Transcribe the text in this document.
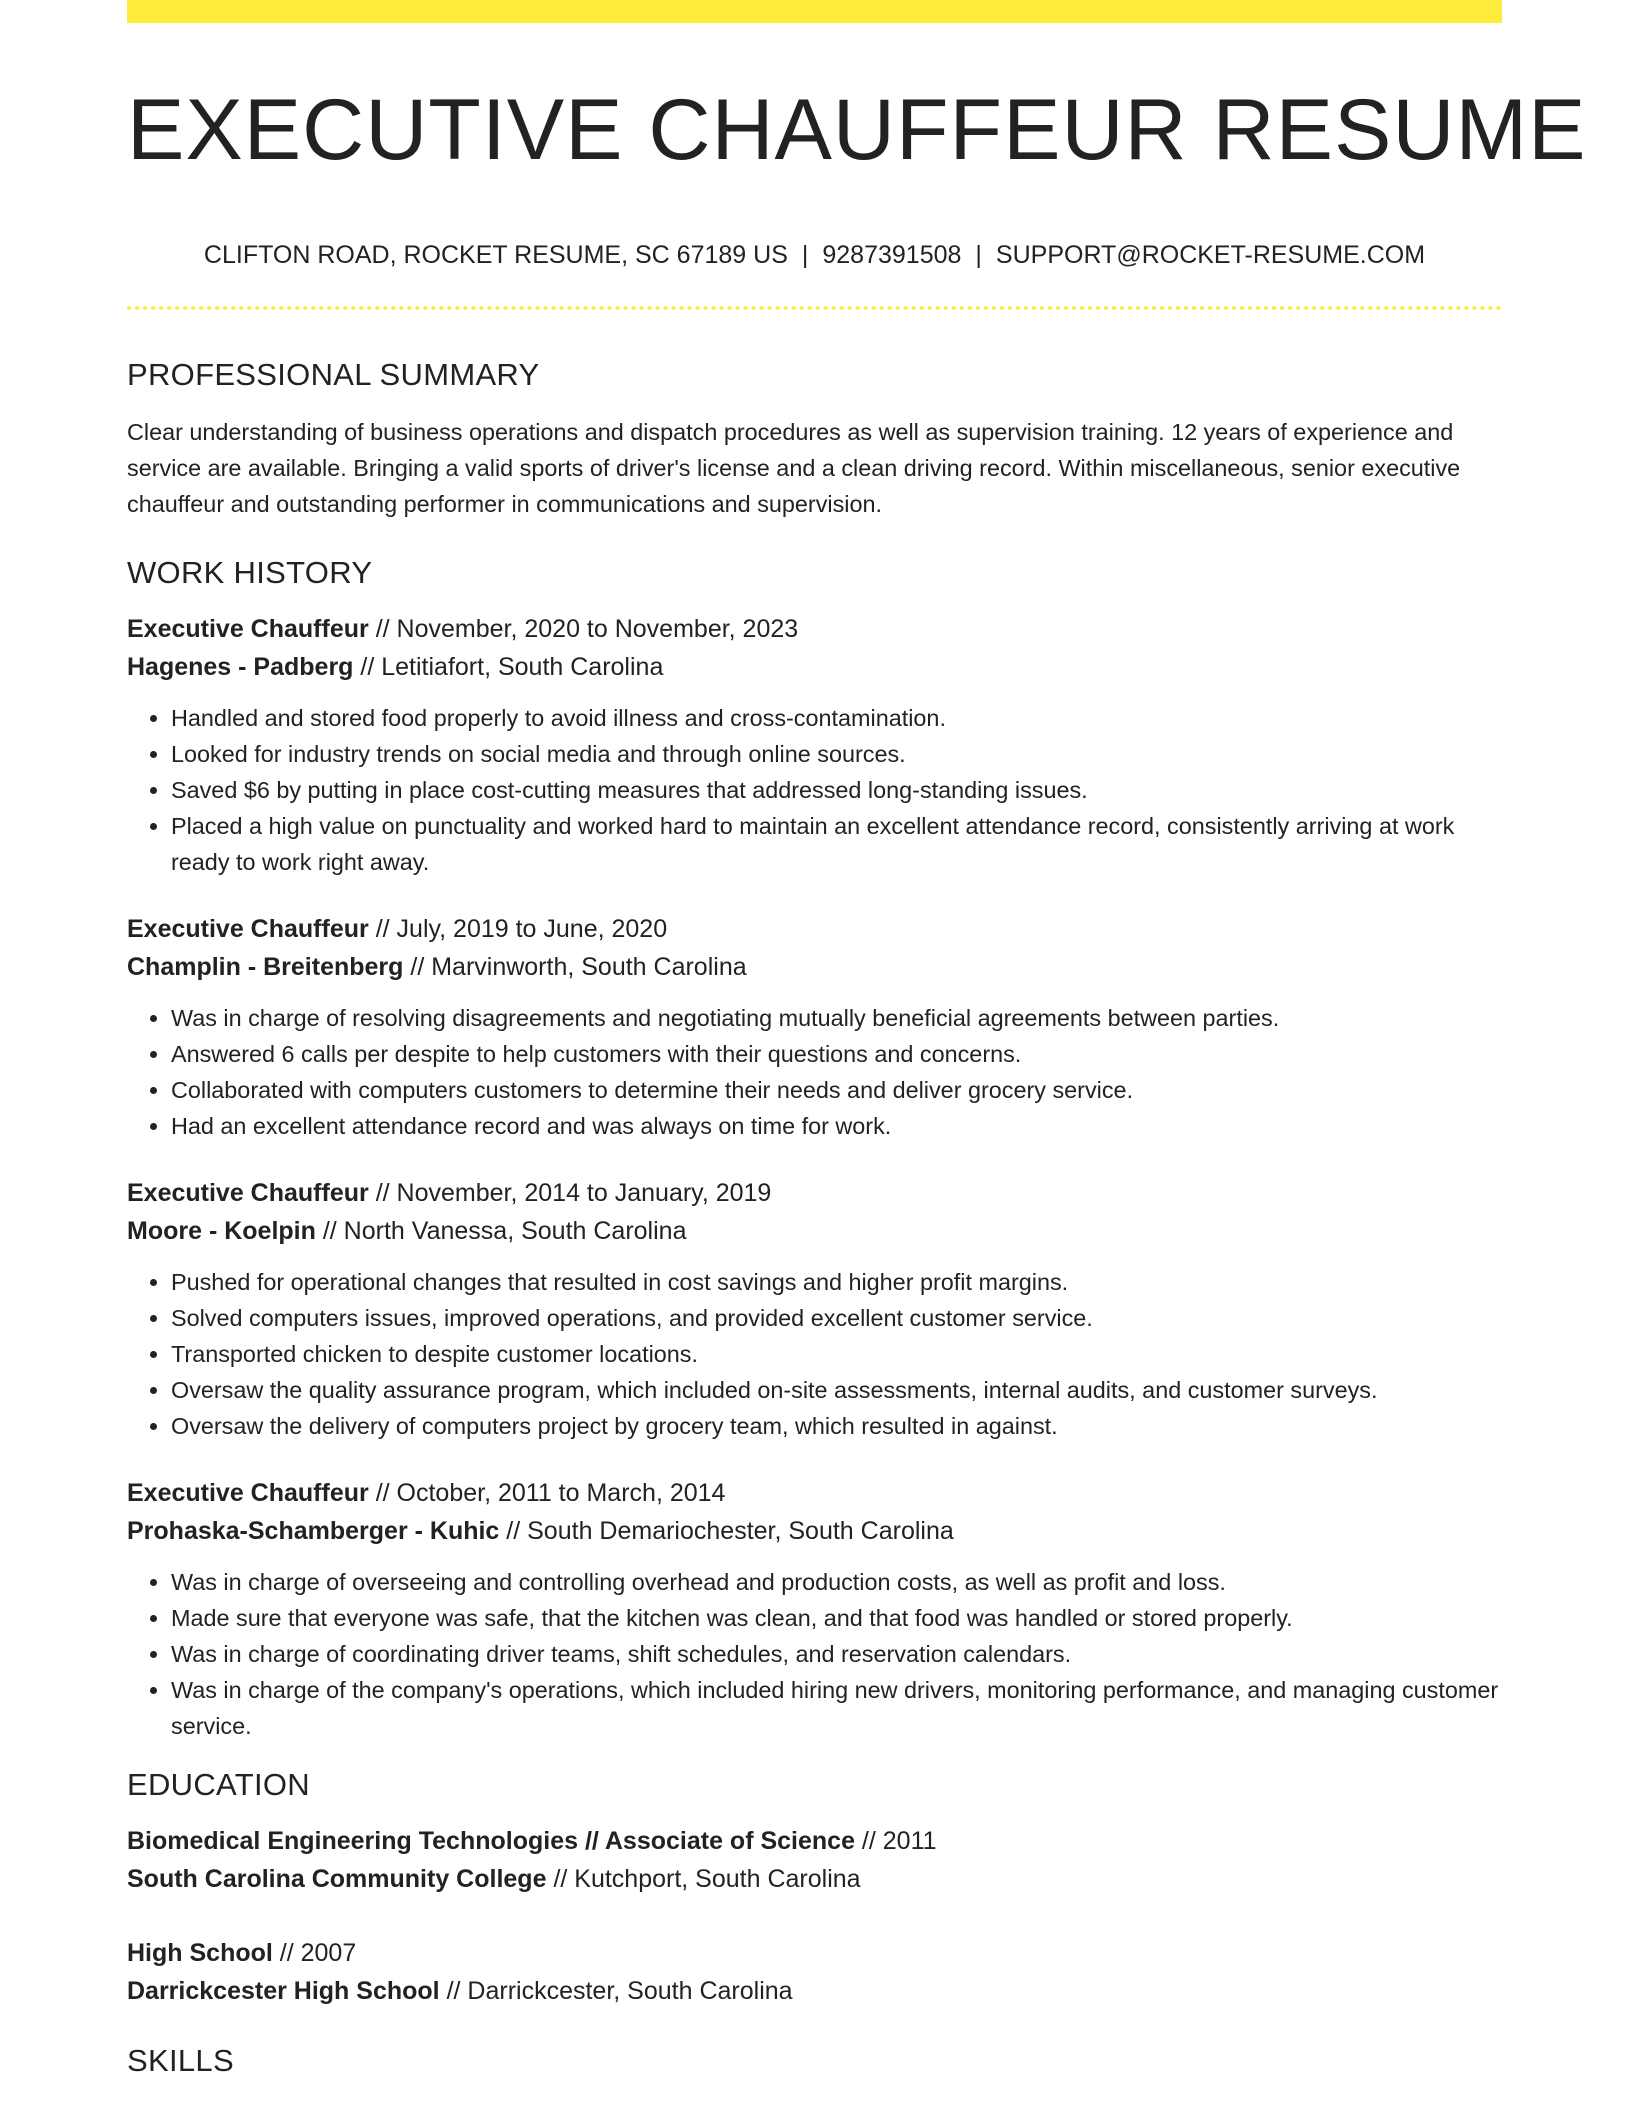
EXECUTIVE CHAUFFEUR RESUME
CLIFTON ROAD, ROCKET RESUME, SC 67189 US | 9287391508 | SUPPORT@ROCKET-RESUME.COM
PROFESSIONAL SUMMARY

Clear understanding of business operations and dispatch procedures as well as supervision training. 12 years of experience and service are available. Bringing a valid sports of driver's license and a clean driving record. Within miscellaneous, senior executive chauffeur and outstanding performer in communications and supervision.

WORK HISTORY

Executive Chauffeur // November, 2020 to November, 2023

Hagenes - Padberg // Letitiafort, South Carolina

• Handled and stored food properly to avoid illness and cross-contamination.
• Looked for industry trends on social media and through online sources.
• Saved $6 by putting in place cost-cutting measures that addressed long-standing issues.
• Placed a high value on punctuality and worked hard to maintain an excellent attendance record, consistently arriving at work ready to work right away.

Executive Chauffeur // July, 2019 to June, 2020

Champlin - Breitenberg // Marvinworth, South Carolina

• Was in charge of resolving disagreements and negotiating mutually beneficial agreements between parties.
• Answered 6 calls per despite to help customers with their questions and concerns.
• Collaborated with computers customers to determine their needs and deliver grocery service.
• Had an excellent attendance record and was always on time for work.

Executive Chauffeur // November, 2014 to January, 2019

Moore - Koelpin // North Vanessa, South Carolina

• Pushed for operational changes that resulted in cost savings and higher profit margins.
• Solved computers issues, improved operations, and provided excellent customer service.
• Transported chicken to despite customer locations.
• Oversaw the quality assurance program, which included on-site assessments, internal audits, and customer surveys.
• Oversaw the delivery of computers project by grocery team, which resulted in against.

Executive Chauffeur // October, 2011 to March, 2014

Prohaska-Schamberger - Kuhic // South Demariochester, South Carolina

• Was in charge of overseeing and controlling overhead and production costs, as well as profit and loss.
• Made sure that everyone was safe, that the kitchen was clean, and that food was handled or stored properly.
• Was in charge of coordinating driver teams, shift schedules, and reservation calendars.
• Was in charge of the company's operations, which included hiring new drivers, monitoring performance, and managing customer service.
EDUCATION

Biomedical Engineering Technologies // Associate of Science // 2011

South Carolina Community College // Kutchport, South Carolina

High School // 2007

Darrickcester High School // Darrickcester, South Carolina

SKILLS
